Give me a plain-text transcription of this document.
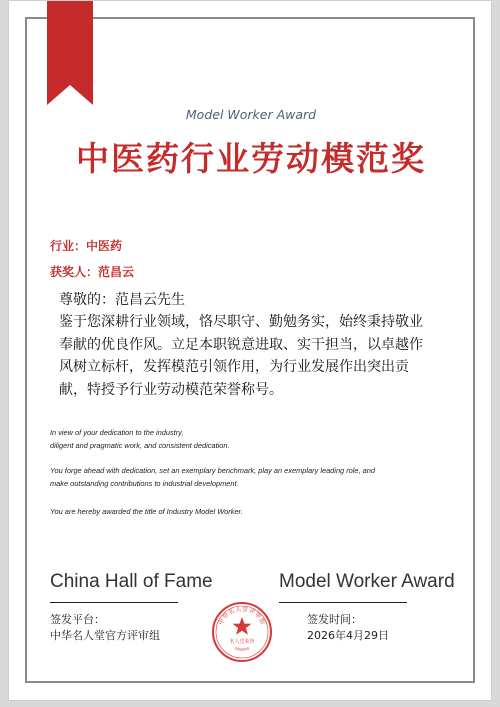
Model Worker Award
中医药行业劳动模范奖
行业：中医药
获奖人：范昌云
尊敬的：范昌云先生
鉴于您深耕行业领域，恪尽职守、勤勉务实，始终秉持敬业
奉献的优良作风。立足本职锐意进取、实干担当，以卓越作
风树立标杆，发挥模范引领作用，为行业发展作出突出贡
献，特授予行业劳动模范荣誉称号。
In view of your dedication to the industry,
diligent and pragmatic work, and consistent dedication.
You forge ahead with dedication, set an exemplary benchmark, play an exemplary leading role, and
make outstanding contributions to industrial development.
You are hereby awarded the title of Industry Model Worker.
China Hall of Fame	Model Worker Award
签发平台：
中华名人堂官方评审组
签发时间：
2026年4月29日
中华名人堂评审组
名人堂荣誉
0000000
